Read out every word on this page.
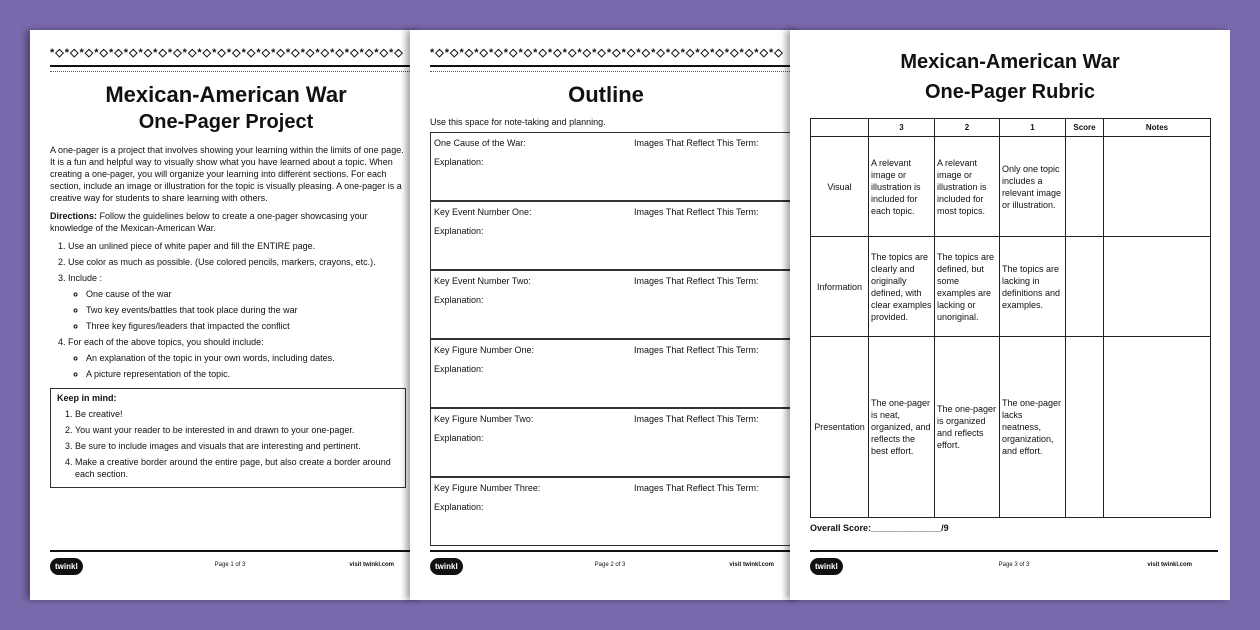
*◇*◇*◇*◇*◇*◇*◇*◇*◇*◇*◇*◇*◇*◇*◇*◇*◇*◇*◇*◇*◇*◇*◇*◇
Mexican-American War
One-Pager Project

A one-pager is a project that involves showing your learning within the limits of one page. It is a fun and helpful way to visually show what you have learned about a topic. When creating a one-pager, you will organize your learning into different sections. For each section, include an image or illustration for the topic is visually pleasing. A one-pager is a creative way for students to share learning with others.

Directions: Follow the guidelines below to create a one-pager showcasing your knowledge of the Mexican-American War.

1. Use an unlined piece of white paper and fill the ENTIRE page.
2. Use color as much as possible. (Use colored pencils, markers, crayons, etc.).
3. Include :
◦ One cause of the war
◦ Two key events/battles that took place during the war
◦ Three key figures/leaders that impacted the conflict
4. For each of the above topics, you should include:
◦ An explanation of the topic in your own words, including dates.
◦ A picture representation of the topic.
Keep in mind:
1. Be creative!
2. You want your reader to be interested in and drawn to your one-pager.
3. Be sure to include images and visuals that are interesting and pertinent.
4. Make a creative border around the entire page, but also create a border around each section.
twinkl	Page 1 of 3	visit twinkl.com
*◇*◇*◇*◇*◇*◇*◇*◇*◇*◇*◇*◇*◇*◇*◇*◇*◇*◇*◇*◇*◇*◇*◇*◇
Outline
Use this space for note-taking and planning.
One Cause of the War:	Images That Reflect This Term:
Explanation:
Key Event Number One:	Images That Reflect This Term:
Explanation:
Key Event Number Two:	Images That Reflect This Term:
Explanation:
Key Figure Number One:	Images That Reflect This Term:
Explanation:
Key Figure Number Two:	Images That Reflect This Term:
Explanation:
Key Figure Number Three:	Images That Reflect This Term:
Explanation:
twinkl	Page 2 of 3	visit twinkl.com
Mexican-American War
One-Pager Rubric
	3	2	1	Score	Notes
Visual	A relevant image or illustration is included for each topic.	A relevant image or illustration is included for most topics.	Only one topic includes a relevant image or illustration.		
Information	The topics are clearly and originally defined, with clear examples provided.	The topics are defined, but some examples are lacking or unoriginal.	The topics are lacking in definitions and examples.		
Presentation	The one-pager is neat, organized, and reflects the best effort.	The one-pager is organized and reflects effort.	The one-pager lacks neatness, organization, and effort.		
Overall Score:______________/9
twinkl	Page 3 of 3	visit twinkl.com
